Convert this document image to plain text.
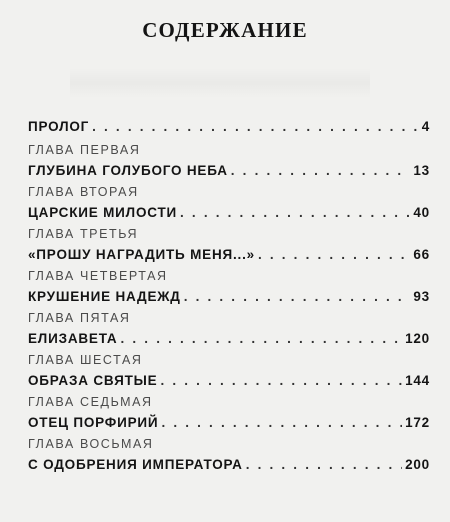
СОДЕРЖАНИЕ
ПРОЛОГ . . .	4
ГЛАВА ПЕРВАЯ
ГЛУБИНА ГОЛУБОГО НЕБА . . .	13
ГЛАВА ВТОРАЯ
ЦАРСКИЕ МИЛОСТИ . . .	40
ГЛАВА ТРЕТЬЯ
«ПРОШУ НАГРАДИТЬ МЕНЯ...» . . .	66
ГЛАВА ЧЕТВЕРТАЯ
КРУШЕНИЕ НАДЕЖД . . .	93
ГЛАВА ПЯТАЯ
ЕЛИЗАВЕТА . . .	120
ГЛАВА ШЕСТАЯ
ОБРАЗА СВЯТЫЕ . . .	144
ГЛАВА СЕДЬМАЯ
ОТЕЦ ПОРФИРИЙ . . .	172
ГЛАВА ВОСЬМАЯ
С ОДОБРЕНИЯ ИМПЕРАТОРА . . .	200
